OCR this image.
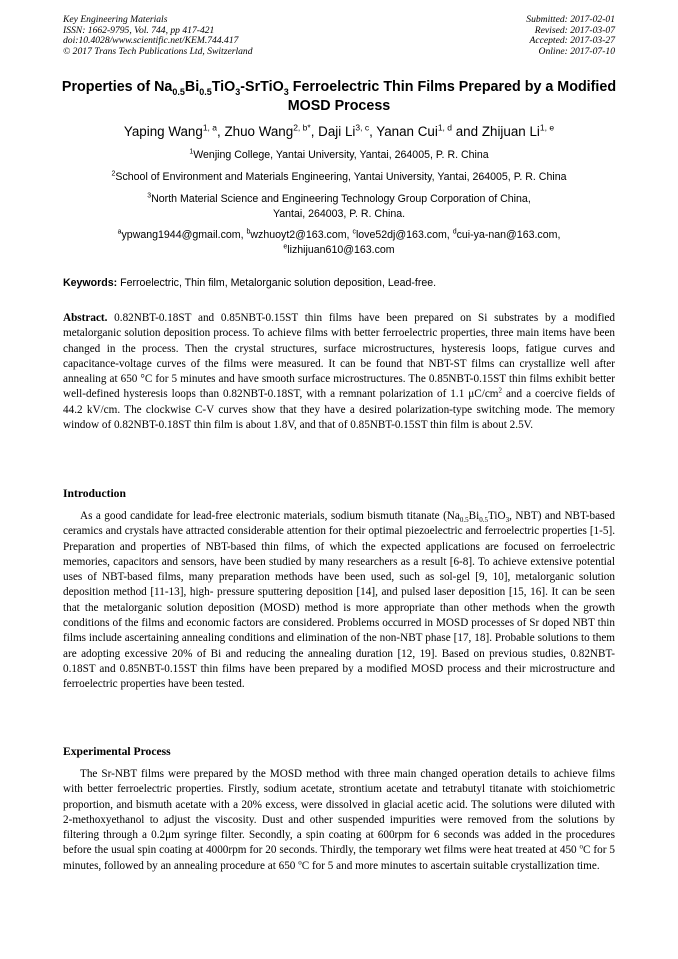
Key Engineering Materials
ISSN: 1662-9795, Vol. 744, pp 417-421
doi:10.4028/www.scientific.net/KEM.744.417
© 2017 Trans Tech Publications Ltd, Switzerland
Submitted: 2017-02-01
Revised: 2017-03-07
Accepted: 2017-03-27
Online: 2017-07-10
Properties of $Na_{0.5}Bi_{0.5}TiO_3-SrTiO_3$ Ferroelectric Thin Films Prepared by a Modified MOSD Process
Yaping Wang$^{1, a}$, Zhuo Wang$^{2, b*}$, Daji Li$^{3, c}$, Yanan Cui$^{1, d}$ and Zhijuan Li$^{1, e}$
$^1$Wenjing College, Yantai University, Yantai, 264005, P. R. China
$^2$School of Environment and Materials Engineering, Yantai University, Yantai, 264005, P. R. China
$^3$North Material Science and Engineering Technology Group Corporation of China,
Yantai, 264003, P. R. China.
$^a$ypwang1944@gmail.com, $^b$wzhuoyt2@163.com, $^c$love52dj@163.com, $^d$cui-ya-nan@163.com,
$^e$lizhijuan610@163.com
Keywords: Ferroelectric, Thin film, Metalorganic solution deposition, Lead-free.
Abstract. 0.82NBT-0.18ST and 0.85NBT-0.15ST thin films have been prepared on Si substrates by a modified metalorganic solution deposition process. To achieve films with better ferroelectric properties, three main items have been changed in the process. Then the crystal structures, surface microstructures, hysteresis loops, fatigue curves and capacitance-voltage curves of the films were measured. It can be found that NBT-ST films can crystallize well after annealing at 650 °C for 5 minutes and have smooth surface microstructures. The 0.85NBT-0.15ST thin films exhibit better well-defined hysteresis loops than 0.82NBT-0.18ST, with a remnant polarization of 1.1 $\mu C/cm^2$ and a coercive fields of 44.2 kV/cm. The clockwise C-V curves show that they have a desired polarization-type switching mode. The memory window of 0.82NBT-0.18ST thin film is about 1.8V, and that of 0.85NBT-0.15ST thin film is about 2.5V.
Introduction
As a good candidate for lead-free electronic materials, sodium bismuth titanate ($Na_{0.5}Bi_{0.5}TiO_3$, NBT) and NBT-based ceramics and crystals have attracted considerable attention for their optimal piezoelectric and ferroelectric properties [1-5]. Preparation and properties of NBT-based thin films, of which the expected applications are focused on ferroelectric memories, capacitors and sensors, have been studied by many researchers as a result [6-8]. To achieve extensive potential uses of NBT-based films, many preparation methods have been used, such as sol-gel [9, 10], metalorganic solution deposition method [11-13], high- pressure sputtering deposition [14], and pulsed laser deposition [15, 16]. It can be seen that the metalorganic solution deposition (MOSD) method is more appropriate than other methods when the growth conditions of the films and economic factors are considered. Problems occurred in MOSD processes of Sr doped NBT thin films include ascertaining annealing conditions and elimination of the non-NBT phase [17, 18]. Probable solutions to them are adopting excessive 20% of Bi and reducing the annealing duration [12, 19]. Based on previous studies, 0.82NBT-0.18ST and 0.85NBT-0.15ST thin films have been prepared by a modified MOSD process and their microstructure and ferroelectric properties have been tested.
Experimental Process
The Sr-NBT films were prepared by the MOSD method with three main changed operation details to achieve films with better ferroelectric properties. Firstly, sodium acetate, strontium acetate and tetrabutyl titanate with stoichiometric proportion, and bismuth acetate with a 20% excess, were dissolved in glacial acetic acid. The solutions were diluted with 2-methoxyethanol to adjust the viscosity. Dust and other suspended impurities were removed from the solutions by filtering through a 0.2μm syringe filter. Secondly, a spin coating at 600rpm for 6 seconds was added in the procedures before the usual spin coating at 4000rpm for 20 seconds. Thirdly, the temporary wet films were heat treated at 450 $^o$C for 5 minutes, followed by an annealing procedure at 650 $^o$C for 5 and more minutes to ascertain suitable crystallization time.
